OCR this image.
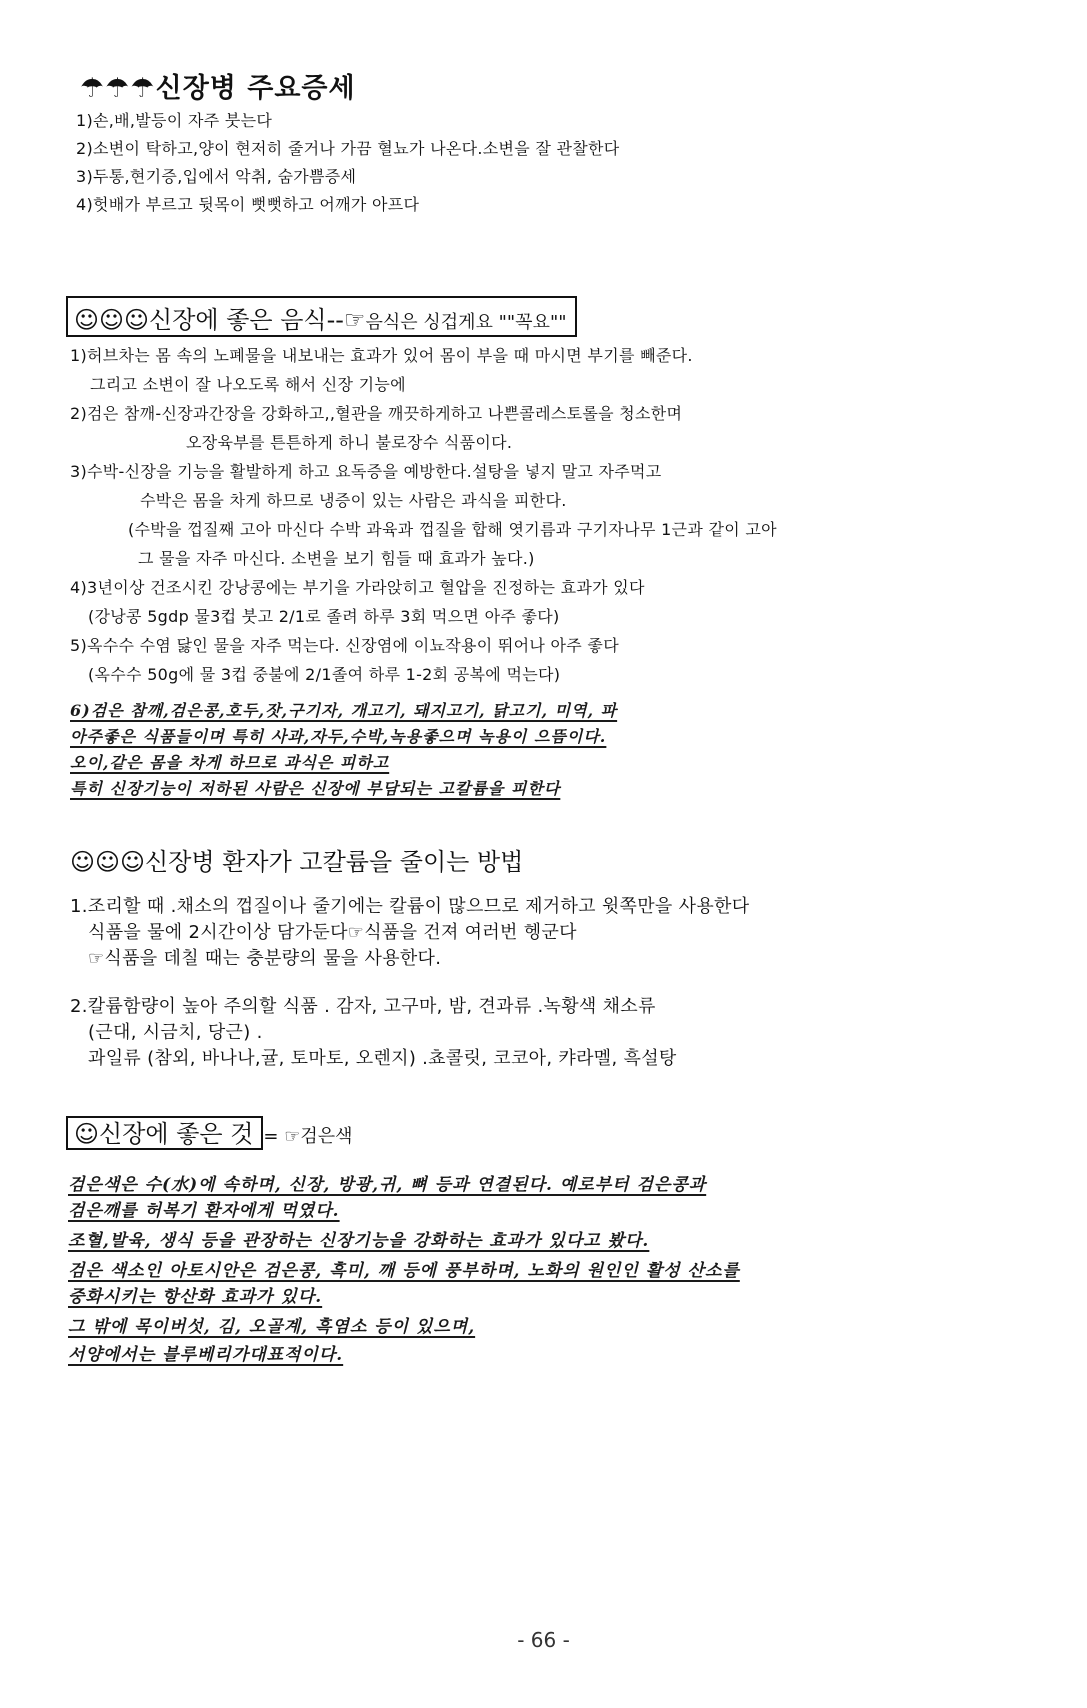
☂☂☂신장병 주요증세
1)손,배,발등이 자주 붓는다
2)소변이 탁하고,양이 현저히 줄거나 가끔 혈뇨가 나온다.소변을 잘 관찰한다
3)두통,현기증,입에서 악취, 숨가쁨증세
4)헛배가 부르고 뒷목이 뻣뻣하고 어깨가 아프다
☺☺☺신장에 좋은 음식--☞음식은 싱겁게요 ""꼭요""
1)허브차는 몸 속의 노폐물을 내보내는 효과가 있어 몸이 부을 때 마시면 부기를 빼준다.
그리고 소변이 잘 나오도록 해서 신장 기능에
2)검은 참깨-신장과간장을 강화하고,,혈관을 깨끗하게하고 나쁜콜레스토롤을 청소한며
오장육부를 튼튼하게 하니 불로장수 식품이다.
3)수박-신장을 기능을 활발하게 하고 요독증을 예방한다.설탕을 넣지 말고 자주먹고
수박은 몸을 차게 하므로 냉증이 있는 사람은 과식을 피한다.
(수박을 껍질째 고아 마신다 수박 과육과 껍질을 합해 엿기름과 구기자나무 1근과 같이 고아
그 물을 자주 마신다. 소변을 보기 힘들 때 효과가 높다.)
4)3년이상 건조시킨 강낭콩에는 부기을 가라앉히고 혈압을 진정하는 효과가 있다
(강낭콩 5gdp 물3컵 붓고 2/1로 졸려 하루 3회 먹으면 아주 좋다)
5)옥수수 수염 닳인 물을 자주 먹는다. 신장염에 이뇨작용이 뛰어나 아주 좋다
(옥수수 50g에 물 3컵 중불에 2/1졸여 하루 1-2회 공복에 먹는다)
6)검은 참깨,검은콩,호두,잣,구기자, 개고기, 돼지고기, 닭고기, 미역, 파
아주좋은 식품들이며 특히 사과,자두,수박,녹용좋으며 녹용이 으뜸이다.
오이,같은 몸을 차게 하므로 과식은 피하고
특히 신장기능이 저하된 사람은 신장에 부담되는 고칼륨을 피한다
☺☺☺신장병 환자가 고칼륨을 줄이는 방법
1.조리할 때 .채소의 껍질이나 줄기에는 칼륨이 많으므로 제거하고 윗쪽만을 사용한다
식품을 물에 2시간이상 담가둔다☞식품을 건져 여러번 헹군다
☞식품을 데칠 때는 충분량의 물을 사용한다.
2.칼륨함량이 높아 주의할 식품 . 감자, 고구마, 밤, 견과류 .녹황색 채소류
(근대, 시금치, 당근) .
과일류 (참외, 바나나,귤, 토마토, 오렌지) .쵸콜릿, 코코아, 캬라멜, 흑설탕
☺신장에 좋은 것 = ☞검은색
검은색은 수(水)에 속하며, 신장, 방광,귀, 뼈 등과 연결된다. 예로부터 검은콩과
검은깨를 허복기 환자에게 먹였다.
조혈,발육, 생식 등을 관장하는 신장기능을 강화하는 효과가 있다고 봤다.
검은 색소인 아토시안은 검은콩, 흑미, 깨 등에 풍부하며, 노화의 원인인 활성 산소를
중화시키는 항산화 효과가 있다.
그 밖에 목이버섯, 김, 오골계, 흑염소 등이 있으며,
서양에서는 블루베리가대표적이다.
- 66 -
